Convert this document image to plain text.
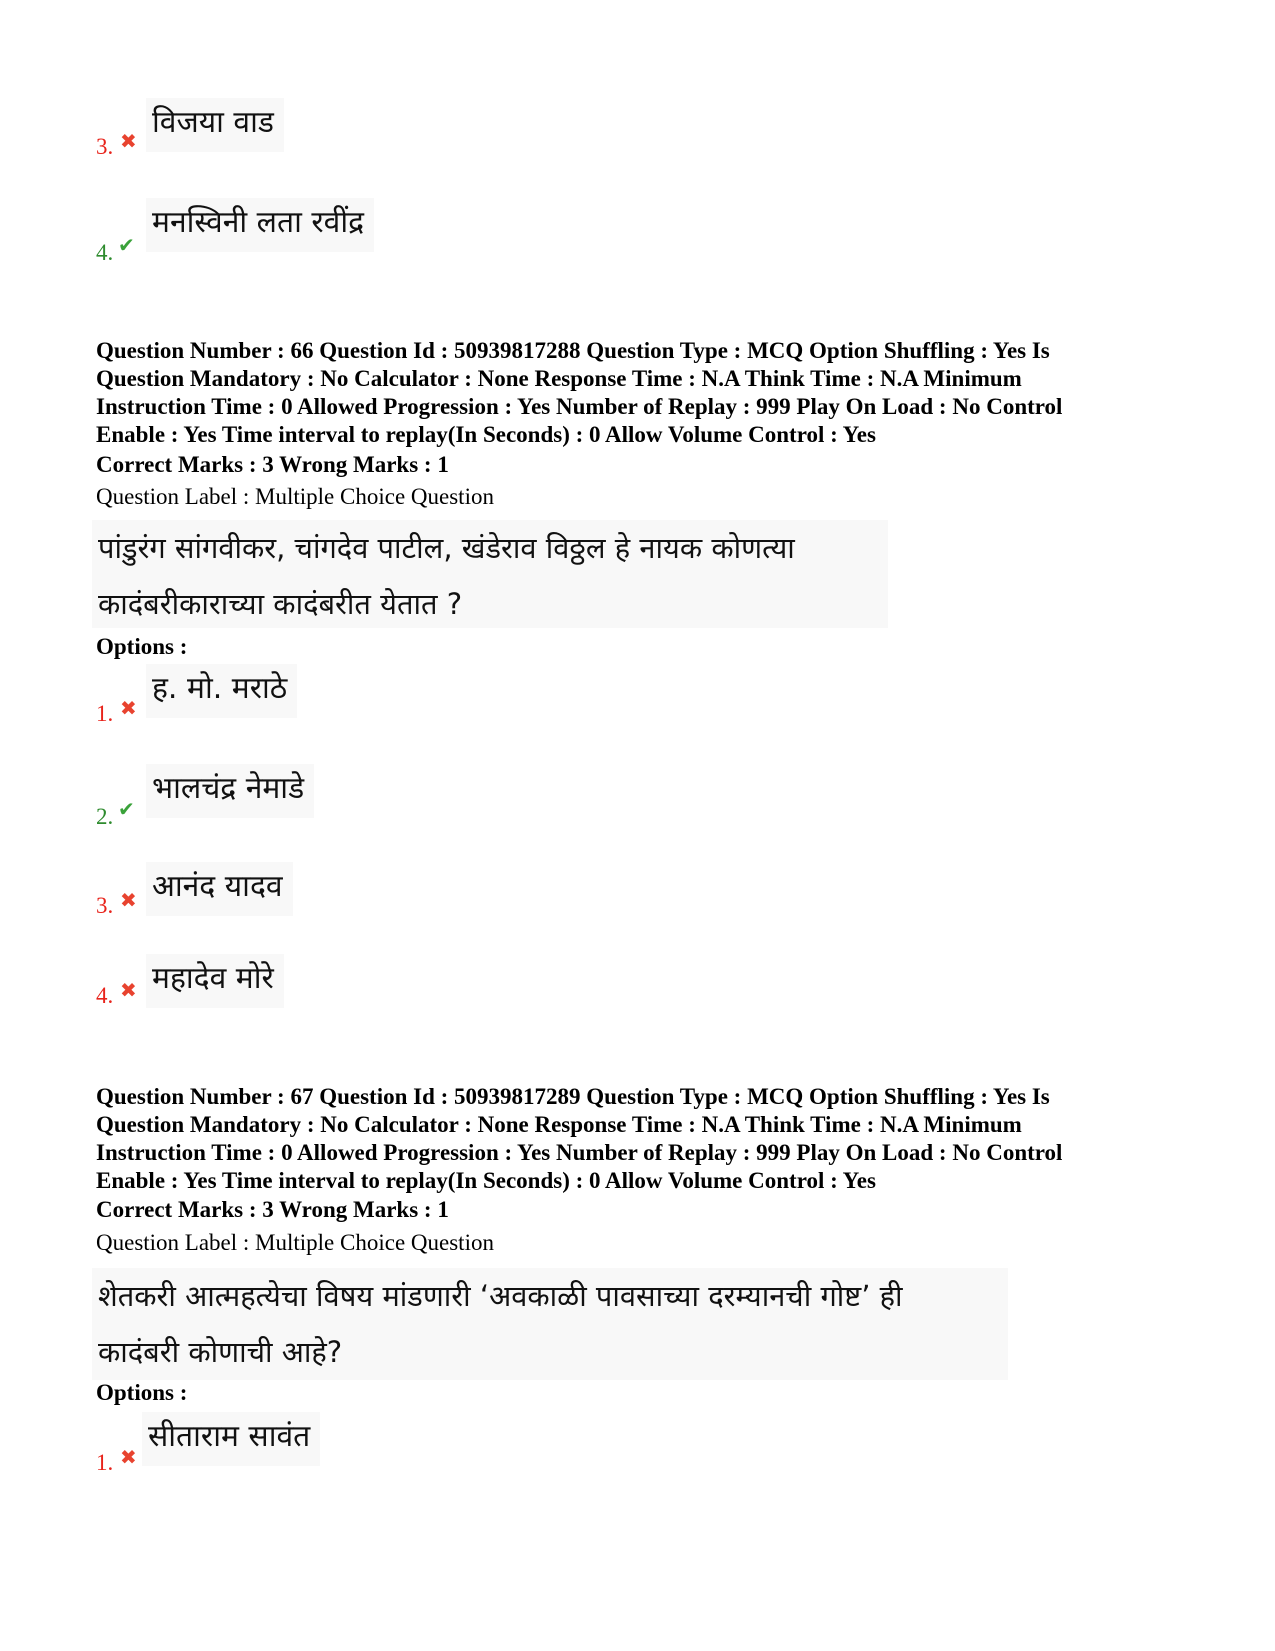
विजया वाड
3. ✖
मनस्विनी लता रवींद्र
4. ✔
Question Number : 66 Question Id : 50939817288 Question Type : MCQ Option Shuffling : Yes Is
Question Mandatory : No Calculator : None Response Time : N.A Think Time : N.A Minimum
Instruction Time : 0 Allowed Progression : Yes Number of Replay : 999 Play On Load : No Control
Enable : Yes Time interval to replay(In Seconds) : 0 Allow Volume Control : Yes
Correct Marks : 3 Wrong Marks : 1
Question Label : Multiple Choice Question
पांडुरंग सांगवीकर, चांगदेव पाटील, खंडेराव विठ्ठल हे नायक कोणत्या
कादंबरीकाराच्या कादंबरीत येतात ?
Options :
ह. मो. मराठे
1. ✖
भालचंद्र नेमाडे
2. ✔
आनंद यादव
3. ✖
महादेव मोरे
4. ✖
Question Number : 67 Question Id : 50939817289 Question Type : MCQ Option Shuffling : Yes Is
Question Mandatory : No Calculator : None Response Time : N.A Think Time : N.A Minimum
Instruction Time : 0 Allowed Progression : Yes Number of Replay : 999 Play On Load : No Control
Enable : Yes Time interval to replay(In Seconds) : 0 Allow Volume Control : Yes
Correct Marks : 3 Wrong Marks : 1
Question Label : Multiple Choice Question
शेतकरी आत्महत्येचा विषय मांडणारी ‘अवकाळी पावसाच्या दरम्यानची गोष्ट’ ही
कादंबरी कोणाची आहे?
Options :
सीताराम सावंत
1. ✖
